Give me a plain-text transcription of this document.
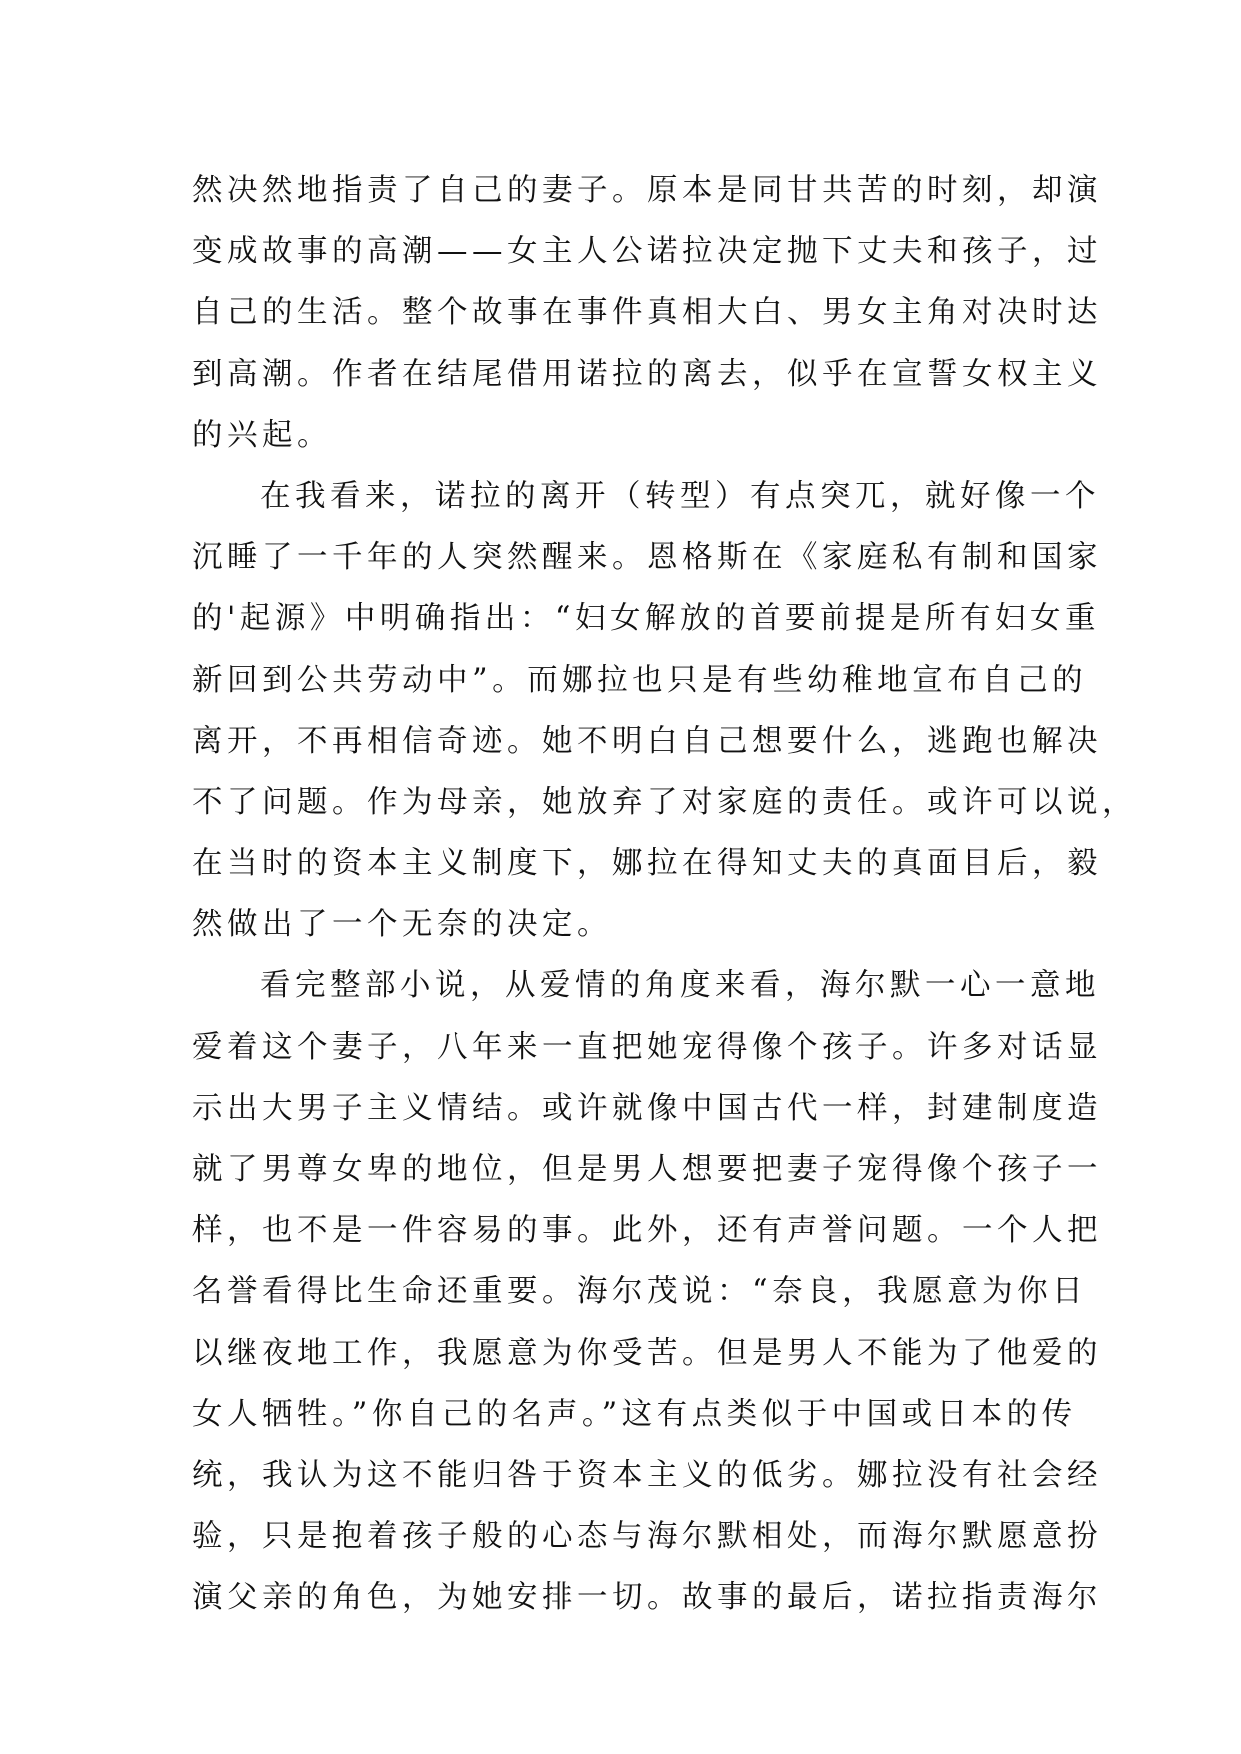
然决然地指责了自己的妻子。原本是同甘共苦的时刻，却演
变成故事的高潮——女主人公诺拉决定抛下丈夫和孩子，过
自己的生活。整个故事在事件真相大白、男女主角对决时达
到高潮。作者在结尾借用诺拉的离去，似乎在宣誓女权主义
的兴起。
在我看来，诺拉的离开（转型）有点突兀，就好像一个
沉睡了一千年的人突然醒来。恩格斯在《家庭私有制和国家
的'起源》中明确指出：“妇女解放的首要前提是所有妇女重
新回到公共劳动中”。而娜拉也只是有些幼稚地宣布自己的
离开，不再相信奇迹。她不明白自己想要什么，逃跑也解决
不了问题。作为母亲，她放弃了对家庭的责任。或许可以说，
在当时的资本主义制度下，娜拉在得知丈夫的真面目后，毅
然做出了一个无奈的决定。
看完整部小说，从爱情的角度来看，海尔默一心一意地
爱着这个妻子，八年来一直把她宠得像个孩子。许多对话显
示出大男子主义情结。或许就像中国古代一样，封建制度造
就了男尊女卑的地位，但是男人想要把妻子宠得像个孩子一
样，也不是一件容易的事。此外，还有声誉问题。一个人把
名誉看得比生命还重要。海尔茂说：“奈良，我愿意为你日
以继夜地工作，我愿意为你受苦。但是男人不能为了他爱的
女人牺牲。”你自己的名声。”这有点类似于中国或日本的传
统，我认为这不能归咎于资本主义的低劣。娜拉没有社会经
验，只是抱着孩子般的心态与海尔默相处，而海尔默愿意扮
演父亲的角色，为她安排一切。故事的最后，诺拉指责海尔
